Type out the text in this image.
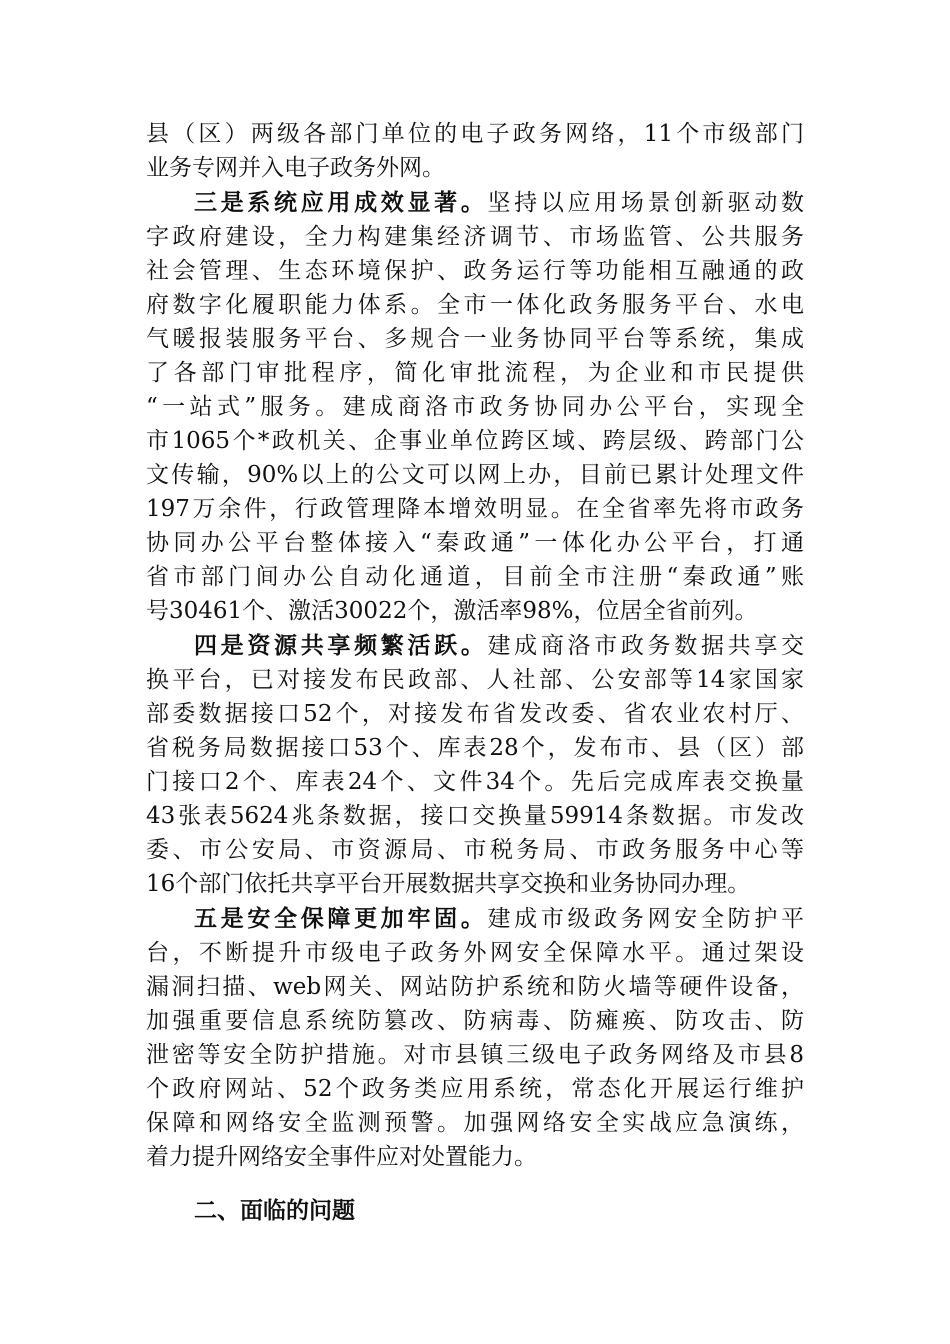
县（区）两级各部门单位的电子政务网络，11个市级部门
业务专网并入电子政务外网。
三是系统应用成效显著。坚持以应用场景创新驱动数
字政府建设，全力构建集经济调节、市场监管、公共服务
社会管理、生态环境保护、政务运行等功能相互融通的政
府数字化履职能力体系。全市一体化政务服务平台、水电
气暖报装服务平台、多规合一业务协同平台等系统，集成
了各部门审批程序，简化审批流程，为企业和市民提供
“一站式”服务。建成商洛市政务协同办公平台，实现全
市1065个*政机关、企事业单位跨区域、跨层级、跨部门公
文传输，90%以上的公文可以网上办，目前已累计处理文件
197万余件，行政管理降本增效明显。在全省率先将市政务
协同办公平台整体接入“秦政通”一体化办公平台，打通
省市部门间办公自动化通道，目前全市注册“秦政通”账
号30461个、激活30022个，激活率98%，位居全省前列。
四是资源共享频繁活跃。建成商洛市政务数据共享交
换平台，已对接发布民政部、人社部、公安部等14家国家
部委数据接口52个，对接发布省发改委、省农业农村厅、
省税务局数据接口53个、库表28个，发布市、县（区）部
门接口2个、库表24个、文件34个。先后完成库表交换量
43张表5624兆条数据，接口交换量59914条数据。市发改
委、市公安局、市资源局、市税务局、市政务服务中心等
16个部门依托共享平台开展数据共享交换和业务协同办理。
五是安全保障更加牢固。建成市级政务网安全防护平
台，不断提升市级电子政务外网安全保障水平。通过架设
漏洞扫描、web网关、网站防护系统和防火墙等硬件设备，
加强重要信息系统防篡改、防病毒、防瘫痪、防攻击、防
泄密等安全防护措施。对市县镇三级电子政务网络及市县8
个政府网站、52个政务类应用系统，常态化开展运行维护
保障和网络安全监测预警。加强网络安全实战应急演练，
着力提升网络安全事件应对处置能力。
二、面临的问题
